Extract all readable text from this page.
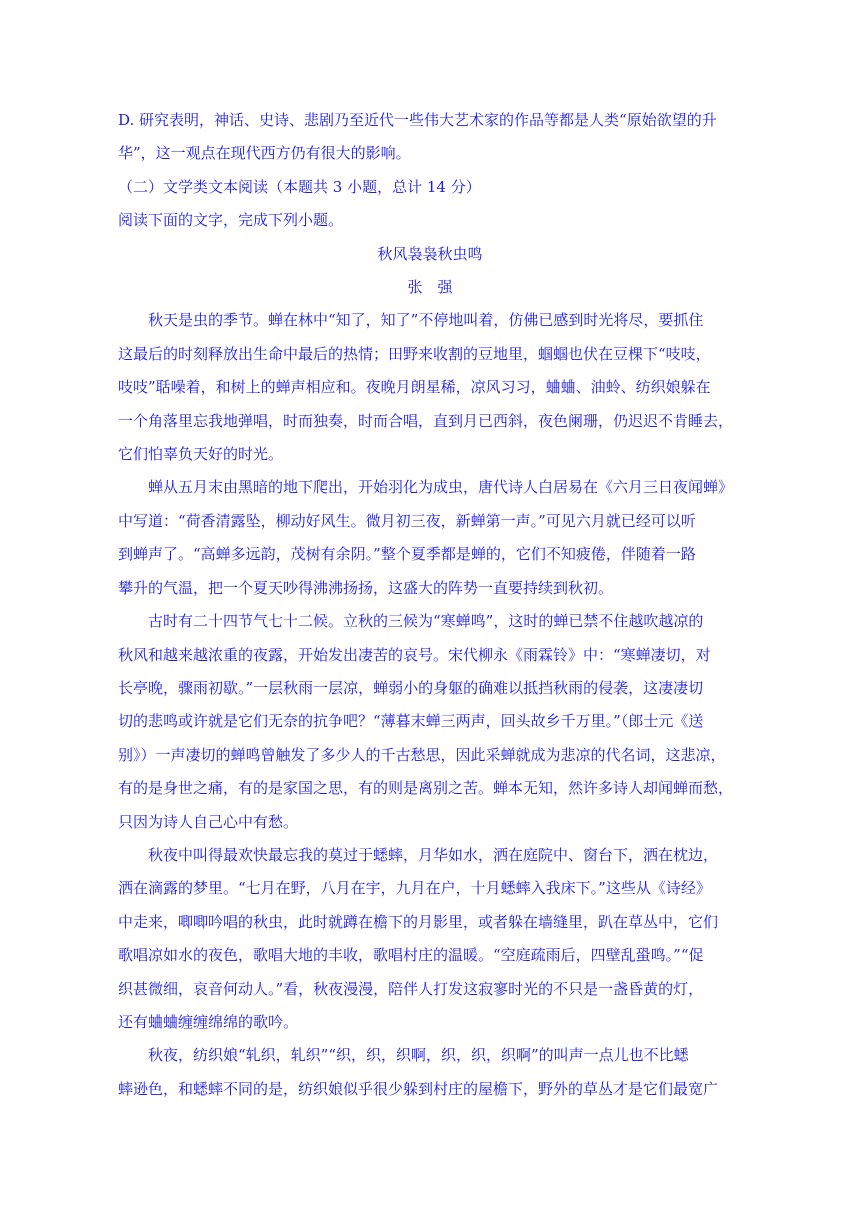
D. 研究表明，神话、史诗、悲剧乃至近代一些伟大艺术家的作品等都是人类“原始欲望的升
华”，这一观点在现代西方仍有很大的影响。
（二）文学类文本阅读（本题共 3 小题，总计 14 分）
阅读下面的文字，完成下列小题。
秋风袅袅秋虫鸣
张　强
秋天是虫的季节。蝉在林中“知了，知了”不停地叫着，仿佛已感到时光将尽，要抓住
这最后的时刻释放出生命中最后的热情；田野来收割的豆地里，蝈蝈也伏在豆棵下“吱吱，
吱吱”聒噪着，和树上的蝉声相应和。夜晚月朗星稀，凉风习习，蛐蛐、油蛉、纺织娘躲在
一个角落里忘我地弹唱，时而独奏，时而合唱，直到月已西斜，夜色阑珊，仍迟迟不肯睡去，
它们怕辜负天好的时光。
蝉从五月末由黑暗的地下爬出，开始羽化为成虫，唐代诗人白居易在《六月三日夜闻蝉》
中写道：“荷香清露坠，柳动好风生。微月初三夜，新蝉第一声。”可见六月就已经可以听
到蝉声了。“高蝉多远韵，茂树有余阴。”整个夏季都是蝉的，它们不知疲倦，伴随着一路
攀升的气温，把一个夏天吵得沸沸扬扬，这盛大的阵势一直要持续到秋初。
古时有二十四节气七十二候。立秋的三候为“寒蝉鸣”，这时的蝉已禁不住越吹越凉的
秋风和越来越浓重的夜露，开始发出凄苦的哀号。宋代柳永《雨霖铃》中：“寒蝉凄切，对
长亭晚，骤雨初歇。”一层秋雨一层凉，蝉弱小的身躯的确难以抵挡秋雨的侵袭，这凄凄切
切的悲鸣或许就是它们无奈的抗争吧？“薄暮末蝉三两声，回头故乡千万里。”（郎士元《送
别》）一声凄切的蝉鸣曾触发了多少人的千古愁思，因此采蝉就成为悲凉的代名词，这悲凉，
有的是身世之痛，有的是家国之思，有的则是离别之苦。蝉本无知，然许多诗人却闻蝉而愁，
只因为诗人自己心中有愁。
秋夜中叫得最欢快最忘我的莫过于蟋蟀，月华如水，洒在庭院中、窗台下，洒在枕边，
洒在滴露的梦里。“七月在野，八月在宇，九月在户，十月蟋蟀入我床下。”这些从《诗经》
中走来，唧唧吟唱的秋虫，此时就蹲在檐下的月影里，或者躲在墙缝里，趴在草丛中，它们
歌唱凉如水的夜色，歌唱大地的丰收，歌唱村庄的温暖。“空庭疏雨后，四壁乱蛩鸣。”“促
织甚微细，哀音何动人。”看，秋夜漫漫，陪伴人打发这寂寥时光的不只是一盏昏黄的灯，
还有蛐蛐缠缠绵绵的歌吟。
秋夜，纺织娘“轧织，轧织”“织，织，织啊，织，织，织啊”的叫声一点儿也不比蟋
蟀逊色，和蟋蟀不同的是，纺织娘似乎很少躲到村庄的屋檐下，野外的草丛才是它们最宽广
